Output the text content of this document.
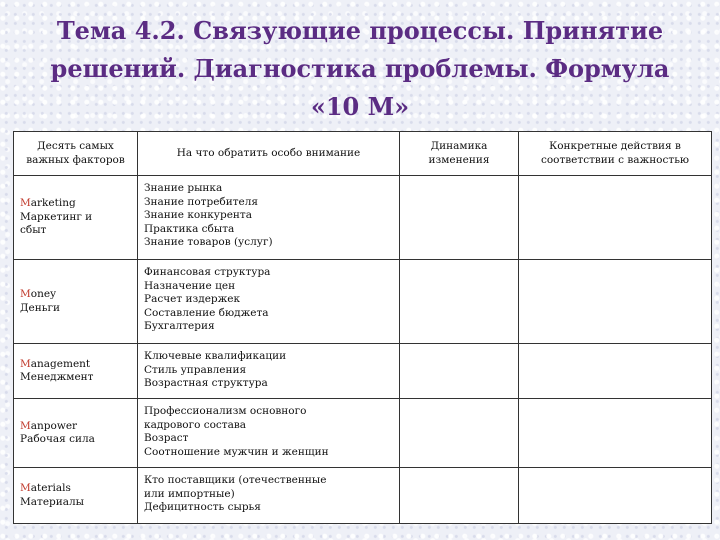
Тема 4.2. Связующие процессы. Принятие
решений. Диагностика проблемы. Формула
«10 М»
Десять самых
важных факторов	На что обратить особо внимание	Динамика
изменения	Конкретные действия в
соответствии с важностью

Marketing
Маркетинг и
сбыт	Знание рынка
Знание потребителя
Знание конкурента
Практика сбыта
Знание товаров (услуг)		

Money
Деньги	Финансовая структура
Назначение цен
Расчет издержек
Составление бюджета
Бухгалтерия		

Management
Менеджмент	Ключевые квалификации
Стиль управления
Возрастная структура		

Manpower
Рабочая сила	Профессионализм основного
кадрового состава
Возраст
Соотношение мужчин и женщин		

Materials
Материалы	Кто поставщики (отечественные
или импортные)
Дефицитность сырья		
